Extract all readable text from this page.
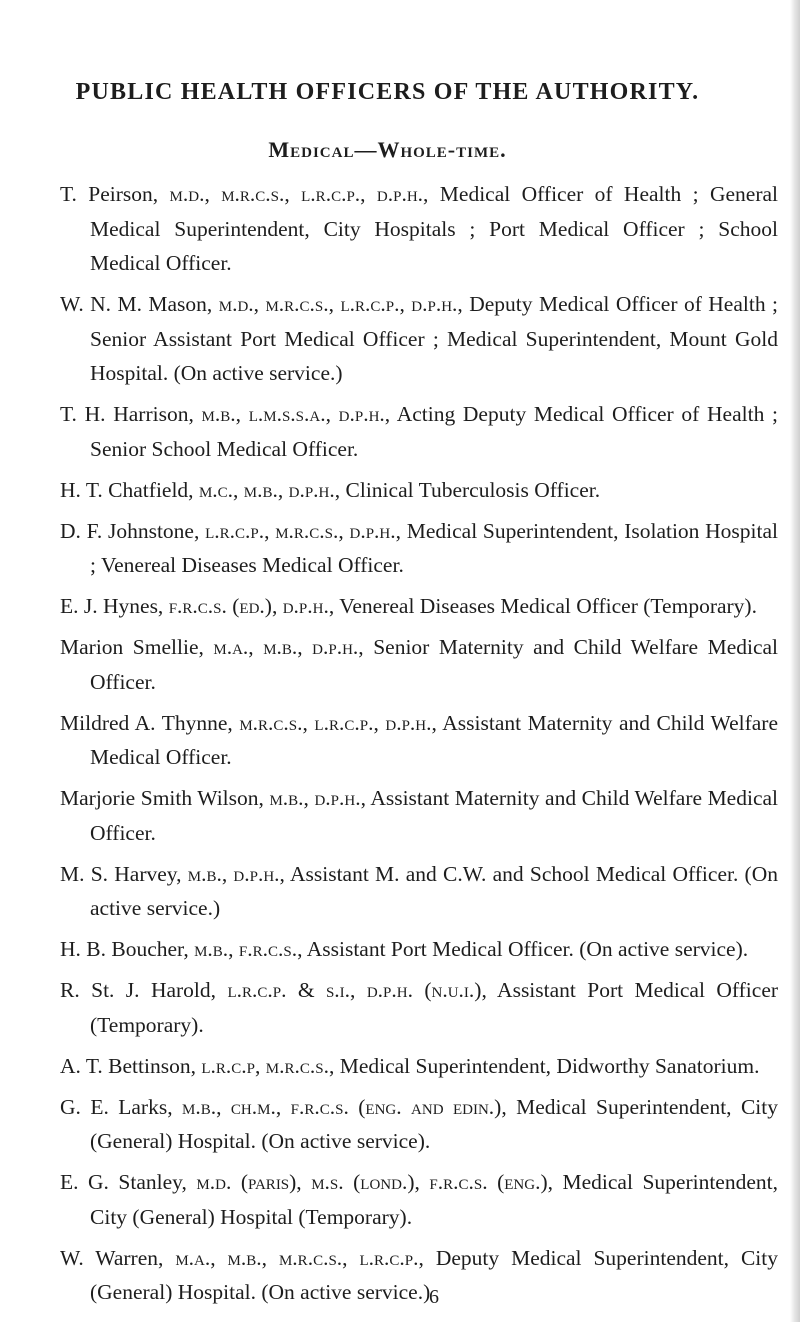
PUBLIC HEALTH OFFICERS OF THE AUTHORITY.
Medical—Whole-time.
T. Peirson, m.d., m.r.c.s., l.r.c.p., d.p.h., Medical Officer of Health ; General Medical Superintendent, City Hospitals ; Port Medical Officer ; School Medical Officer.
W. N. M. Mason, m.d., m.r.c.s., l.r.c.p., d.p.h., Deputy Medical Officer of Health ; Senior Assistant Port Medical Officer ; Medical Superintendent, Mount Gold Hospital. (On active service.)
T. H. Harrison, m.b., l.m.s.s.a., d.p.h., Acting Deputy Medical Officer of Health ; Senior School Medical Officer.
H. T. Chatfield, m.c., m.b., d.p.h., Clinical Tuberculosis Officer.
D. F. Johnstone, l.r.c.p., m.r.c.s., d.p.h., Medical Superintendent, Isolation Hospital ; Venereal Diseases Medical Officer.
E. J. Hynes, f.r.c.s. (ed.), d.p.h., Venereal Diseases Medical Officer (Temporary).
Marion Smellie, m.a., m.b., d.p.h., Senior Maternity and Child Welfare Medical Officer.
Mildred A. Thynne, m.r.c.s., l.r.c.p., d.p.h., Assistant Maternity and Child Welfare Medical Officer.
Marjorie Smith Wilson, m.b., d.p.h., Assistant Maternity and Child Welfare Medical Officer.
M. S. Harvey, m.b., d.p.h., Assistant M. and C.W. and School Medical Officer. (On active service.)
H. B. Boucher, m.b., f.r.c.s., Assistant Port Medical Officer. (On active service).
R. St. J. Harold, l.r.c.p. & s.i., d.p.h. (n.u.i.), Assistant Port Medical Officer (Temporary).
A. T. Bettinson, l.r.c.p, m.r.c.s., Medical Superintendent, Didworthy Sanatorium.
G. E. Larks, m.b., ch.m., f.r.c.s. (eng. and edin.), Medical Superintendent, City (General) Hospital. (On active service).
E. G. Stanley, m.d. (paris), m.s. (lond.), f.r.c.s. (eng.), Medical Superintendent, City (General) Hospital (Temporary).
W. Warren, m.a., m.b., m.r.c.s., l.r.c.p., Deputy Medical Superintendent, City (General) Hospital. (On active service.)
6
